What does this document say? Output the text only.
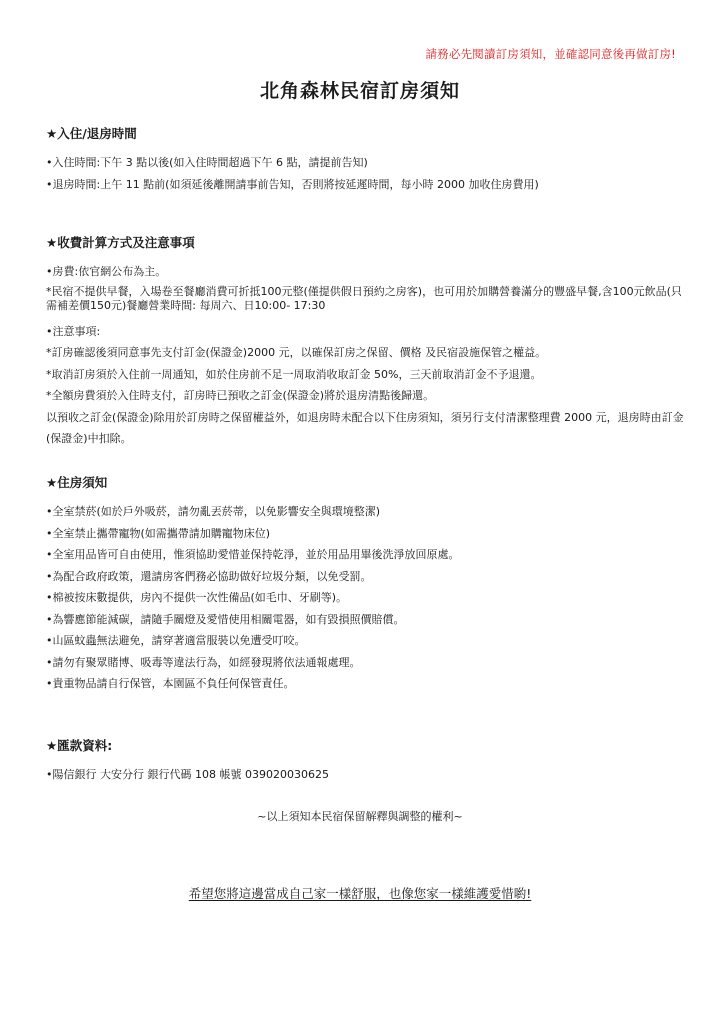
請務必先閱讀訂房須知，並確認同意後再做訂房!
北角森林民宿訂房須知
★入住/退房時間

•入住時間:下午 3 點以後(如入住時間超過下午 6 點，請提前告知)

•退房時間:上午 11 點前(如須延後離開請事前告知，否則將按延遲時間，每小時 2000 加收住房費用)

★收費計算方式及注意事項

•房費:依官網公布為主。

*民宿不提供早餐，入場卷至餐廳消費可折抵100元整(僅提供假日預約之房客)，也可用於加購營養滿分的豐盛早餐,含100元飲品(只需補差價150元)餐廳營業時間: 每周六、日10:00- 17:30

•注意事項:

*訂房確認後須同意事先支付訂金(保證金)2000 元，以確保訂房之保留、價格 及民宿設施保管之權益。

*取消訂房須於入住前一周通知，如於住房前不足一周取消收取訂金 50%，三天前取消訂金不予退還。

*全額房費須於入住時支付，訂房時已預收之訂金(保證金)將於退房清點後歸還。

以預收之訂金(保證金)除用於訂房時之保留權益外，如退房時未配合以下住房須知，須另行支付清潔整理費 2000 元，退房時由訂金(保證金)中扣除。

★住房須知

•全室禁菸(如於戶外吸菸，請勿亂丟菸蒂，以免影響安全與環境整潔)

•全室禁止攜帶寵物(如需攜帶請加購寵物床位)

•全室用品皆可自由使用，惟須協助愛惜並保持乾淨，並於用品用畢後洗淨放回原處。

•為配合政府政策，還請房客們務必協助做好垃圾分類，以免受罰。

•棉被按床數提供，房內不提供一次性備品(如毛巾、牙刷等)。

•為響應節能減碳，請隨手關燈及愛惜使用相關電器，如有毀損照價賠償。

•山區蚊蟲無法避免，請穿著適當服裝以免遭受叮咬。

•請勿有聚眾賭博、吸毒等違法行為，如經發現將依法通報處理。

•貴重物品請自行保管，本園區不負任何保管責任。

★匯款資料:

•陽信銀行 大安分行 銀行代碼 108 帳號 039020030625

~以上須知本民宿保留解釋與調整的權利~
希望您將這邊當成自己家一樣舒服，也像您家一樣維護愛惜喲!
